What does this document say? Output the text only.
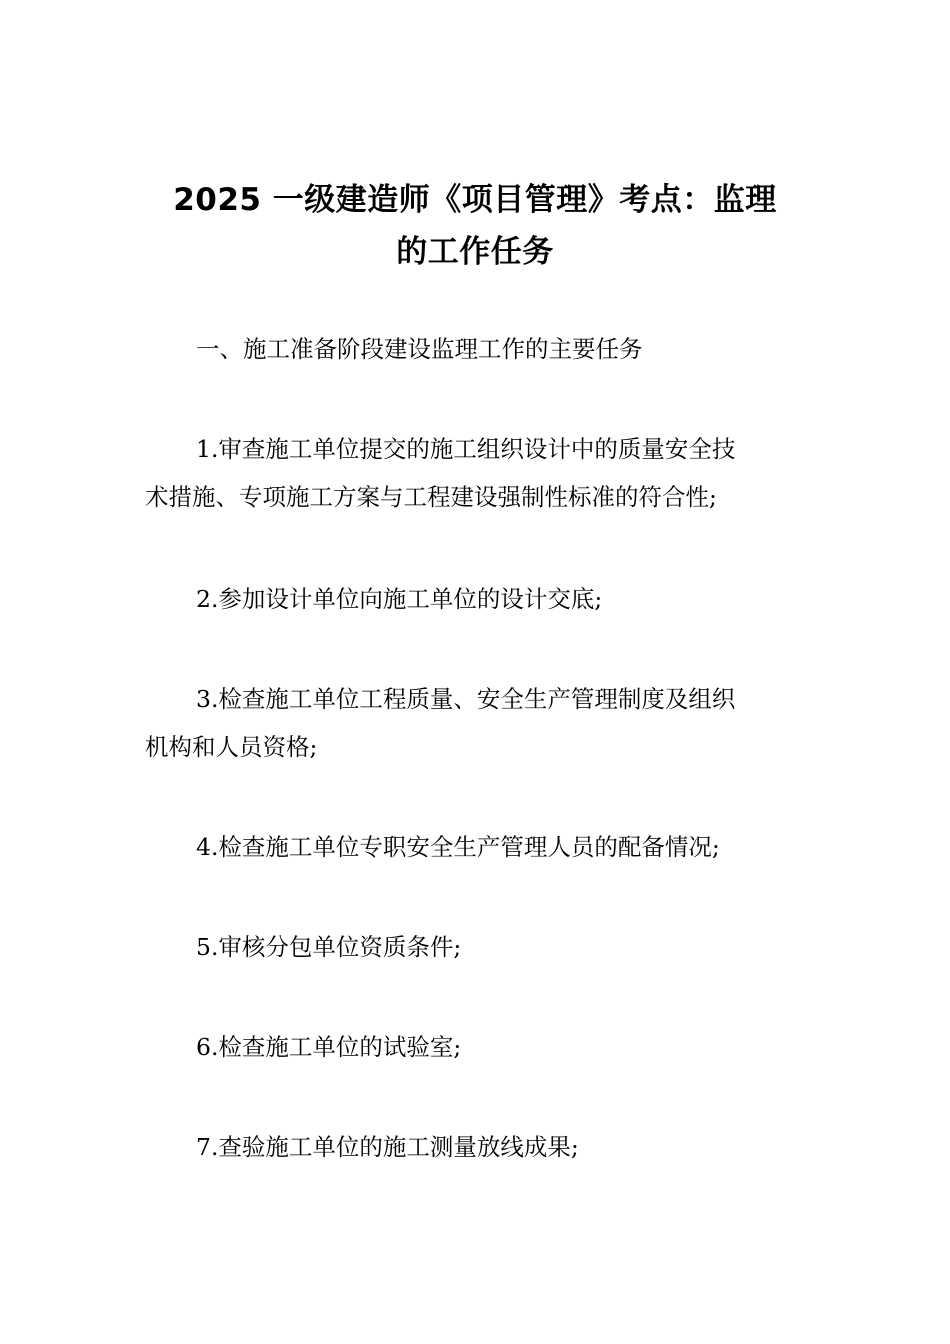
2025 一级建造师《项目管理》考点：监理
的工作任务

一、施工准备阶段建设监理工作的主要任务

1.审查施工单位提交的施工组织设计中的质量安全技

术措施、专项施工方案与工程建设强制性标准的符合性;

2.参加设计单位向施工单位的设计交底;

3.检查施工单位工程质量、安全生产管理制度及组织

机构和人员资格;

4.检查施工单位专职安全生产管理人员的配备情况;

5.审核分包单位资质条件;

6.检查施工单位的试验室;

7.查验施工单位的施工测量放线成果;
